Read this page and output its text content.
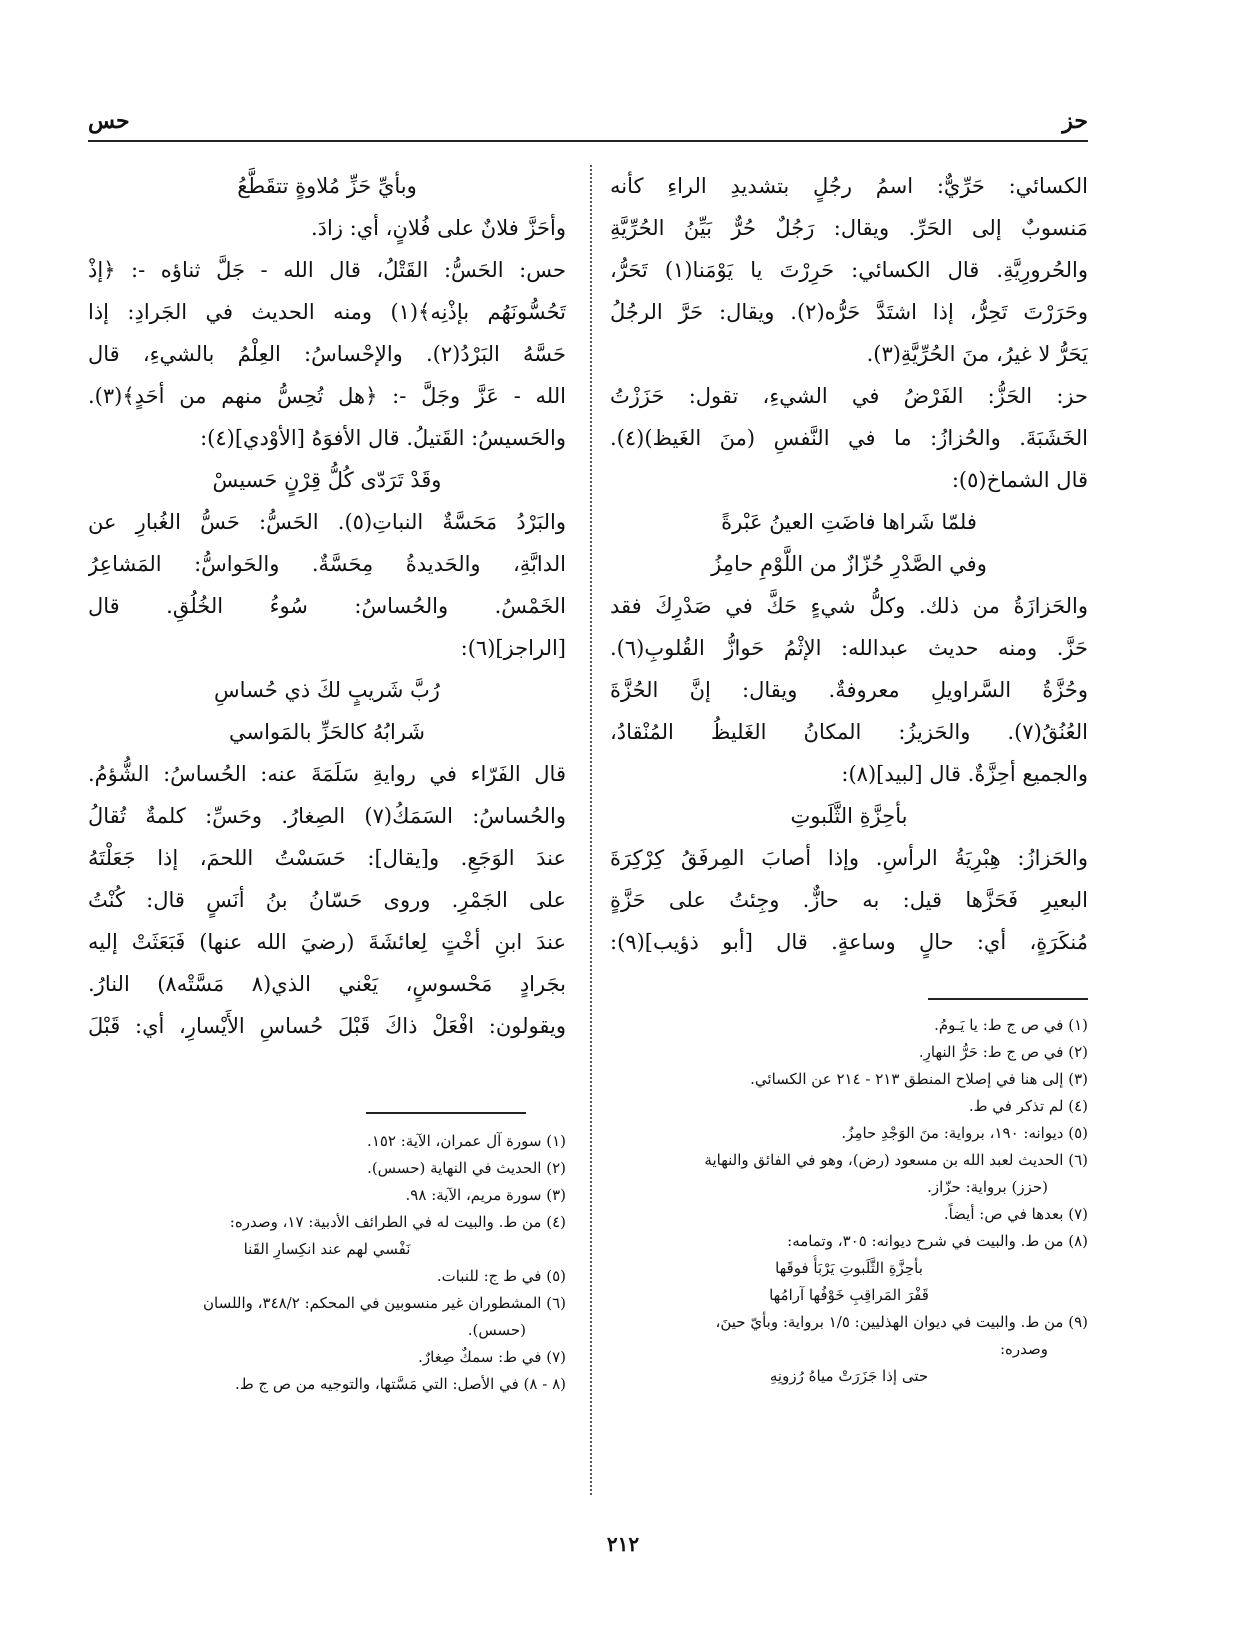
حز
حس
الكسائي: حَرِّيٌّ: اسمُ رجُلٍ بتشديدِ الراءِ كأنه
مَنسوبٌ إلى الحَرِّ. ويقال: رَجُلٌ حُرٌّ بَيِّنُ الحُرِّيَّةِ
والحُرورِيَّةِ. قال الكسائي: حَرِرْتَ يا يَوْمَنا(١) تَحَرُّ،
وحَرَرْتَ تَحِرُّ، إذا اشتَدَّ حَرُّه(٢). ويقال: حَرَّ الرجُلُ
يَحَرُّ لا غيرُ، منَ الحُرِّيَّةِ(٣).
حز: الحَزُّ: الفَرْضُ في الشيءِ، تقول: حَزَزْتُ
الخَشَبَةَ. والحُزازُ: ما في النَّفسِ (منَ الغَيظ)(٤).
قال الشماخ(٥):
فلمّا شَراها فاضَتِ العينُ عَبْرةً
وفي الصَّدْرِ حُزّازٌ من اللَّوْمِ حامِزُ
والحَزازَةُ من ذلك. وكلُّ شيءٍ حَكَّ في صَدْرِكَ فقد
حَزَّ. ومنه حديث عبدالله: الإثْمُ حَوازُّ القُلوبِ(٦).
وحُزَّةُ السَّراويلِ معروفةٌ. ويقال: إنَّ الحُزَّةَ
العُنُقُ(٧). والحَزيزُ: المكانُ الغَليظُ المُنْقادُ،
والجميع أحِزَّةٌ. قال [لبيد](٨):
بأحِزَّةِ الثَّلَبوتِ
والحَزازُ: هِبْرِيَةُ الرأسِ. وإذا أصابَ المِرفَقُ كِرْكِرَةَ
البعيرِ فَحَزَّها قيل: به حازٌّ. وجِئتُ على حَزَّةٍ
مُنكَرَةٍ، أي: حالٍ وساعةٍ. قال [أبو ذؤيب](٩):
(١) في ص ج ط: يا يَـومُ.
(٢) في ص ج ط: حَرُّ النهارِ.
(٣) إلى هنا في إصلاح المنطق ٢١٣ - ٢١٤ عن الكسائي.
(٤) لم تذكر في ط.
(٥) ديوانه: ١٩٠، برواية: منَ الوَجْدِ حامِزُ.
(٦) الحديث لعبد الله بن مسعود (رض)، وهو في الفائق والنهاية
(حزز) برواية: حزّاز.
(٧) بعدها في ص: أيضاً.
(٨) من ط. والبيت في شرح ديوانه: ٣٠٥، وتمامه:
بأحِزَّةِ الثَّلَبوتِ يَرْبَأُ فوقَها
قَفْرَ المَراقِبِ خَوْفُها آرامُها
(٩) من ط. والبيت في ديوان الهذليين: ١/٥ برواية: وبأيّ حينَ،
وصدره:
حتى إذا جَزَرَتْ مياهُ رُزونِهِ
وبأيِّ حَزِّ مُلاوةٍ تتقَطَّعُ
وأحَزَّ فلانٌ على فُلانٍ، أي: زادَ.
حس: الحَسُّ: القَتْلُ، قال الله - جَلَّ ثناؤه -: ﴿إذْ
تَحُسُّونَهُم بإذْنِه﴾(١) ومنه الحديث في الجَرادِ: إذا
حَسَّهُ البَرْدُ(٢). والإحْساسُ: العِلْمُ بالشيءِ، قال
الله - عَزَّ وجَلَّ -: ﴿هل تُحِسُّ منهم من أحَدٍ﴾(٣).
والحَسيسُ: القَتيلُ. قال الأفوَهُ [الأوْدي](٤):
وقَدْ تَرَدّى كُلُّ قِرْنٍ حَسيسْ
والبَرْدُ مَحَسَّةٌ النباتِ(٥). الحَسُّ: حَسُّ الغُبارِ عن
الدابَّةِ، والحَديدةُ مِحَسَّةٌ. والحَواسُّ: المَشاعِرُ
الخَمْسُ. والحُساسُ: سُوءُ الخُلُقِ. قال
[الراجز](٦):
رُبَّ شَريبٍ لكَ ذي حُساسِ
شَرابُهُ كالحَزِّ بالمَواسي
قال الفَرّاء في روايةِ سَلَمَةَ عنه: الحُساسُ: الشُّؤمُ.
والحُساسُ: السَمَكُ(٧) الصِغارُ. وحَسِّ: كلمةٌ تُقالُ
عندَ الوَجَعِ. و[يقال]: حَسَسْتُ اللحمَ، إذا جَعَلْتَهُ
على الجَمْرِ. وروى حَسّانُ بنُ أنَسٍ قال: كُنْتُ
عندَ ابنِ أخْتٍ لِعائشَةَ (رضيَ الله عنها) فَبَعَثَتْ إليه
بجَرادٍ مَحْسوسٍ، يَعْني الذي(٨ مَسَّتْه٨) النارُ.
ويقولون: افْعَلْ ذاكَ قَبْلَ حُساسِ الأَيْسارِ، أي: قَبْلَ
(١) سورة آل عمران، الآية: ١٥٢.
(٢) الحديث في النهاية (حسس).
(٣) سورة مريم، الآية: ٩٨.
(٤) من ط. والبيت له في الطرائف الأدبية: ١٧، وصدره:
نَفْسي لهم عند انكِسارِ القَنا
(٥) في ط ج: للنبات.
(٦) المشطوران غير منسوبين في المحكم: ٣٤٨/٢، واللسان
(حسس).
(٧) في ط: سمكٌ صِغارٌ.
(٨ - ٨) في الأصل: التي مَسَّتها، والتوجيه من ص ج ط.
٢١٢
